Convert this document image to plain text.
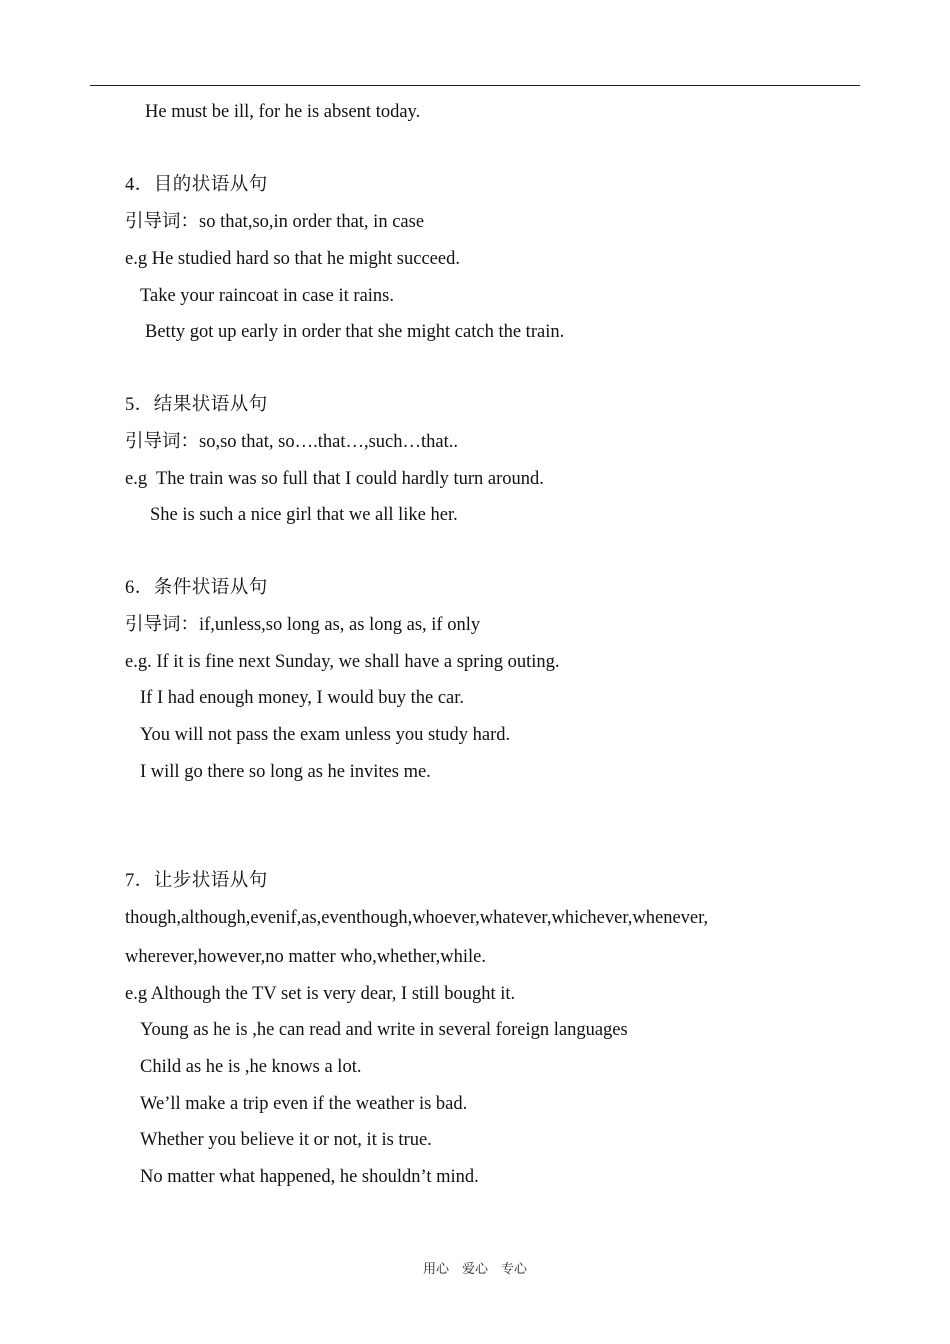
He must be ill, for he is absent today.
4．目的状语从句
引导词：so that,so,in order that, in case
e.g He studied hard so that he might succeed.
Take your raincoat in case it rains.
Betty got up early in order that she might catch the train.
5．结果状语从句
引导词：so,so that, so….that…,such…that..
e.g  The train was so full that I could hardly turn around.
She is such a nice girl that we all like her.
6．条件状语从句
引导词：if,unless,so long as, as long as, if only
e.g. If it is fine next Sunday, we shall have a spring outing.
If I had enough money, I would buy the car.
You will not pass the exam unless you study hard.
I will go there so long as he invites me.
7．让步状语从句
though,although,evenif,as,eventhough,whoever,whatever,whichever,whenever,
wherever,however,no matter who,whether,while.
e.g Although the TV set is very dear, I still bought it.
Young as he is ,he can read and write in several foreign languages
Child as he is ,he knows a lot.
We’ll make a trip even if the weather is bad.
Whether you believe it or not, it is true.
No matter what happened, he shouldn’t mind.
用心    爱心    专心
